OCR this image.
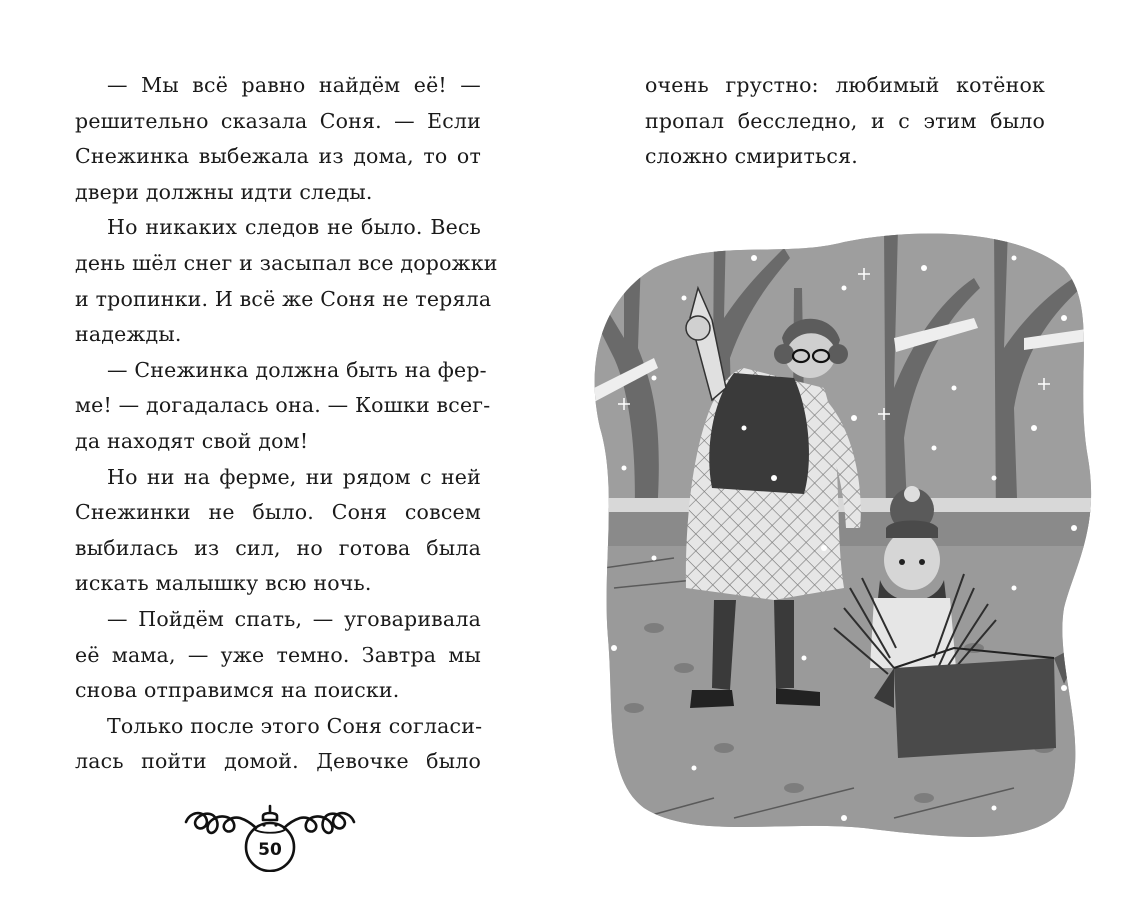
— Мы всё равно найдём её! —
решительно сказала Соня. — Если
Снежинка выбежала из дома, то от
двери должны идти следы.

Но никаких следов не было. Весь
день шёл снег и засыпал все дорожки
и тропинки. И всё же Соня не теряла
надежды.

— Снежинка должна быть на фер-
ме! — догадалась она. — Кошки всег-
да находят свой дом!

Но ни на ферме, ни рядом с ней
Снежинки не было. Соня совсем
выбилась из сил, но готова была
искать малышку всю ночь.

— Пойдём спать, — уговаривала
её мама, — уже темно. Завтра мы
снова отправимся на поиски.

Только после этого Соня согласи-
лась пойти домой. Девочке было

очень грустно: любимый котёнок
пропал бесследно, и с этим было
сложно смириться.

50
